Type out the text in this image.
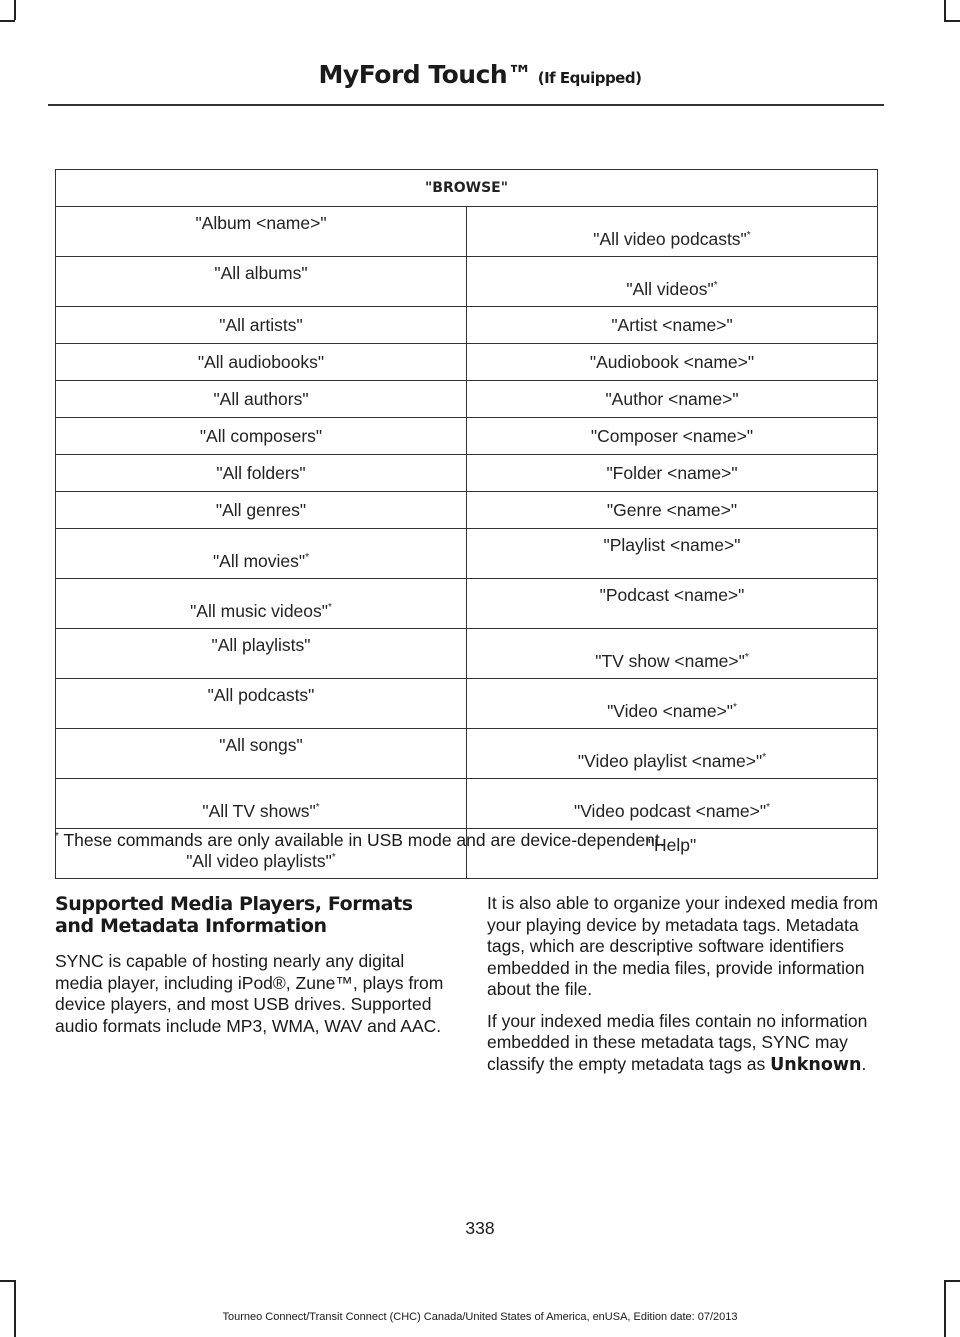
MyFord Touch™ (If Equipped)
"BROWSE"	
"Album <name>"	"All video podcasts"*
"All albums"	"All videos"*
"All artists"	"Artist <name>"
"All audiobooks"	"Audiobook <name>"
"All authors"	"Author <name>"
"All composers"	"Composer <name>"
"All folders"	"Folder <name>"
"All genres"	"Genre <name>"
"All movies"*	"Playlist <name>"
"All music videos"*	"Podcast <name>"
"All playlists"	"TV show <name>"*
"All podcasts"	"Video <name>"*
"All songs"	"Video playlist <name>"*
"All TV shows"*	"Video podcast <name>"*
"All video playlists"*	"Help"
* These commands are only available in USB mode and are device-dependent.
Supported Media Players, Formats and Metadata Information

SYNC is capable of hosting nearly any digital media player, including iPod®, Zune™, plays from device players, and most USB drives. Supported audio formats include MP3, WMA, WAV and AAC.

It is also able to organize your indexed media from your playing device by metadata tags. Metadata tags, which are descriptive software identifiers embedded in the media files, provide information about the file.

If your indexed media files contain no information embedded in these metadata tags, SYNC may classify the empty metadata tags as Unknown.

338
Tourneo Connect/Transit Connect (CHC) Canada/United States of America, enUSA, Edition date: 07/2013
